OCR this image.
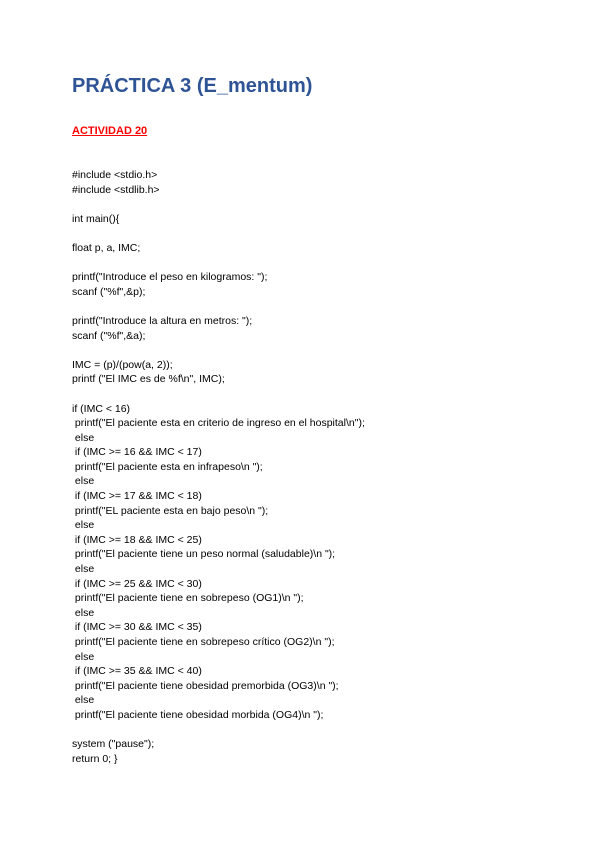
PRÁCTICA 3 (E_mentum)
ACTIVIDAD 20
#include <stdio.h>
#include <stdlib.h>
int main(){
float p, a, IMC;
printf("Introduce el peso en kilogramos: ");
scanf ("%f",&p);
printf("Introduce la altura en metros: ");
scanf ("%f",&a);
IMC = (p)/(pow(a, 2));
printf ("El IMC es de %f\n", IMC);
if (IMC < 16)
printf("El paciente esta en criterio de ingreso en el hospital\n");
else
if (IMC >= 16 && IMC < 17)
printf("El paciente esta en infrapeso\n ");
else
if (IMC >= 17 && IMC < 18)
printf("EL paciente esta en bajo peso\n ");
else
if (IMC >= 18 && IMC < 25)
printf("El paciente tiene un peso normal (saludable)\n ");
else
if (IMC >= 25 && IMC < 30)
printf("El paciente tiene en sobrepeso (OG1)\n ");
else
if (IMC >= 30 && IMC < 35)
printf("El paciente tiene en sobrepeso crítico (OG2)\n ");
else
if (IMC >= 35 && IMC < 40)
printf("El paciente tiene obesidad premorbida (OG3)\n ");
else
printf("El paciente tiene obesidad morbida (OG4)\n ");
system ("pause");
return 0; }
